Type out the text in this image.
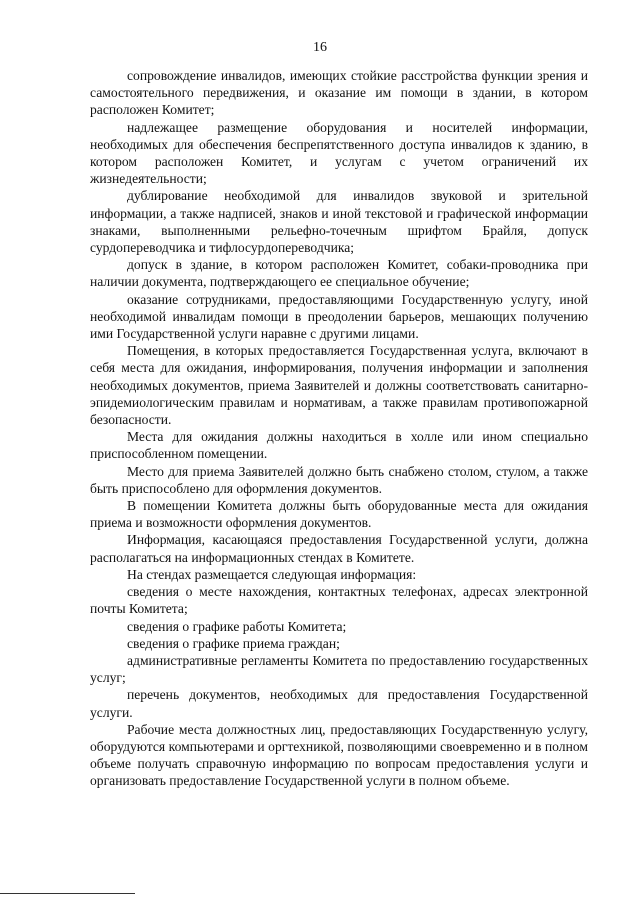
16

сопровождение инвалидов, имеющих стойкие расстройства функции зрения и самостоятельного передвижения, и оказание им помощи в здании, в котором расположен Комитет;

надлежащее размещение оборудования и носителей информации, необходимых для обеспечения беспрепятственного доступа инвалидов к зданию, в котором расположен Комитет, и услугам с учетом ограничений их жизнедеятельности;

дублирование необходимой для инвалидов звуковой и зрительной информации, а также надписей, знаков и иной текстовой и графической информации знаками, выполненными рельефно-точечным шрифтом Брайля, допуск сурдопереводчика и тифлосурдопереводчика;

допуск в здание, в котором расположен Комитет, собаки-проводника при наличии документа, подтверждающего ее специальное обучение;

оказание сотрудниками, предоставляющими Государственную услугу, иной необходимой инвалидам помощи в преодолении барьеров, мешающих получению ими Государственной услуги наравне с другими лицами.

Помещения, в которых предоставляется Государственная услуга, включают в себя места для ожидания, информирования, получения информации и заполнения необходимых документов, приема Заявителей и должны соответствовать санитарно-эпидемиологическим правилам и нормативам, а также правилам противопожарной безопасности.

Места для ожидания должны находиться в холле или ином специально приспособленном помещении.

Место для приема Заявителей должно быть снабжено столом, стулом, а также быть приспособлено для оформления документов.

В помещении Комитета должны быть оборудованные места для ожидания приема и возможности оформления документов.

Информация, касающаяся предоставления Государственной услуги, должна располагаться на информационных стендах в Комитете.

На стендах размещается следующая информация:

сведения о месте нахождения, контактных телефонах, адресах электронной почты Комитета;

сведения о графике работы Комитета;

сведения о графике приема граждан;

административные регламенты Комитета по предоставлению государственных услуг;

перечень документов, необходимых для предоставления Государственной услуги.

Рабочие места должностных лиц, предоставляющих Государственную услугу, оборудуются компьютерами и оргтехникой, позволяющими своевременно и в полном объеме получать справочную информацию по вопросам предоставления услуги и организовать предоставление Государственной услуги в полном объеме.
